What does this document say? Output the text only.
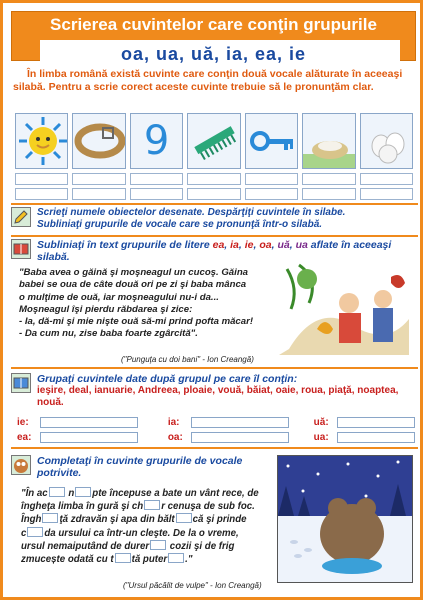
Scrierea cuvintelor care conţin grupurile
oa, ua, uă, ia, ea, ie
În limba română există cuvinte care conţin două vocale alăturate în aceeaşi silabă. Pentru a scrie corect aceste cuvinte trebuie să le pronunţăm clar.
9
Scrieţi numele obiectelor desenate. Despărţiţi cuvintele în silabe.
Subliniaţi grupurile de vocale care se pronunţă într-o silabă.
Subliniaţi în text grupurile de litere ea, ia, ie, oa, uă, ua aflate în aceeaşi silabă.
"Baba avea o găină şi moşneagul un cucoş. Găina
babei se oua de câte două ori pe zi şi baba mânca
o mulţime de ouă, iar moşneagului nu-i da...
Moşneagul îşi pierdu răbdarea şi zice:
- Ia, dă-mi şi mie nişte ouă să-mi prind pofta măcar!
- Da cum nu, zise baba foarte zgârcită".
("Punguţa cu doi bani" - Ion Creangă)
Grupaţi cuvintele date după grupul pe care îl conţin:
ieşire, deal, ianuarie, Andreea, ploaie, vouă, băiat, oaie, roua, piaţă, noaptea, nouă.
ie:	ia:	uă:
ea:	oa:	ua:
Completaţi în cuvinte grupurile de vocale potrivite.
"În ac n pte începuse a bate un vânt rece, de
îngheţa limba în gură şi ch r cenuşa de sub foc.
Îngh ţă zdravăn şi apa din bălt că şi prinde
c da ursului ca într-un cleşte. De la o vreme,
ursul nemaiputând de durer cozii şi de frig
zmucește odată cu t tă puter ."
("Ursul păcălit de vulpe" - Ion Creangă)
